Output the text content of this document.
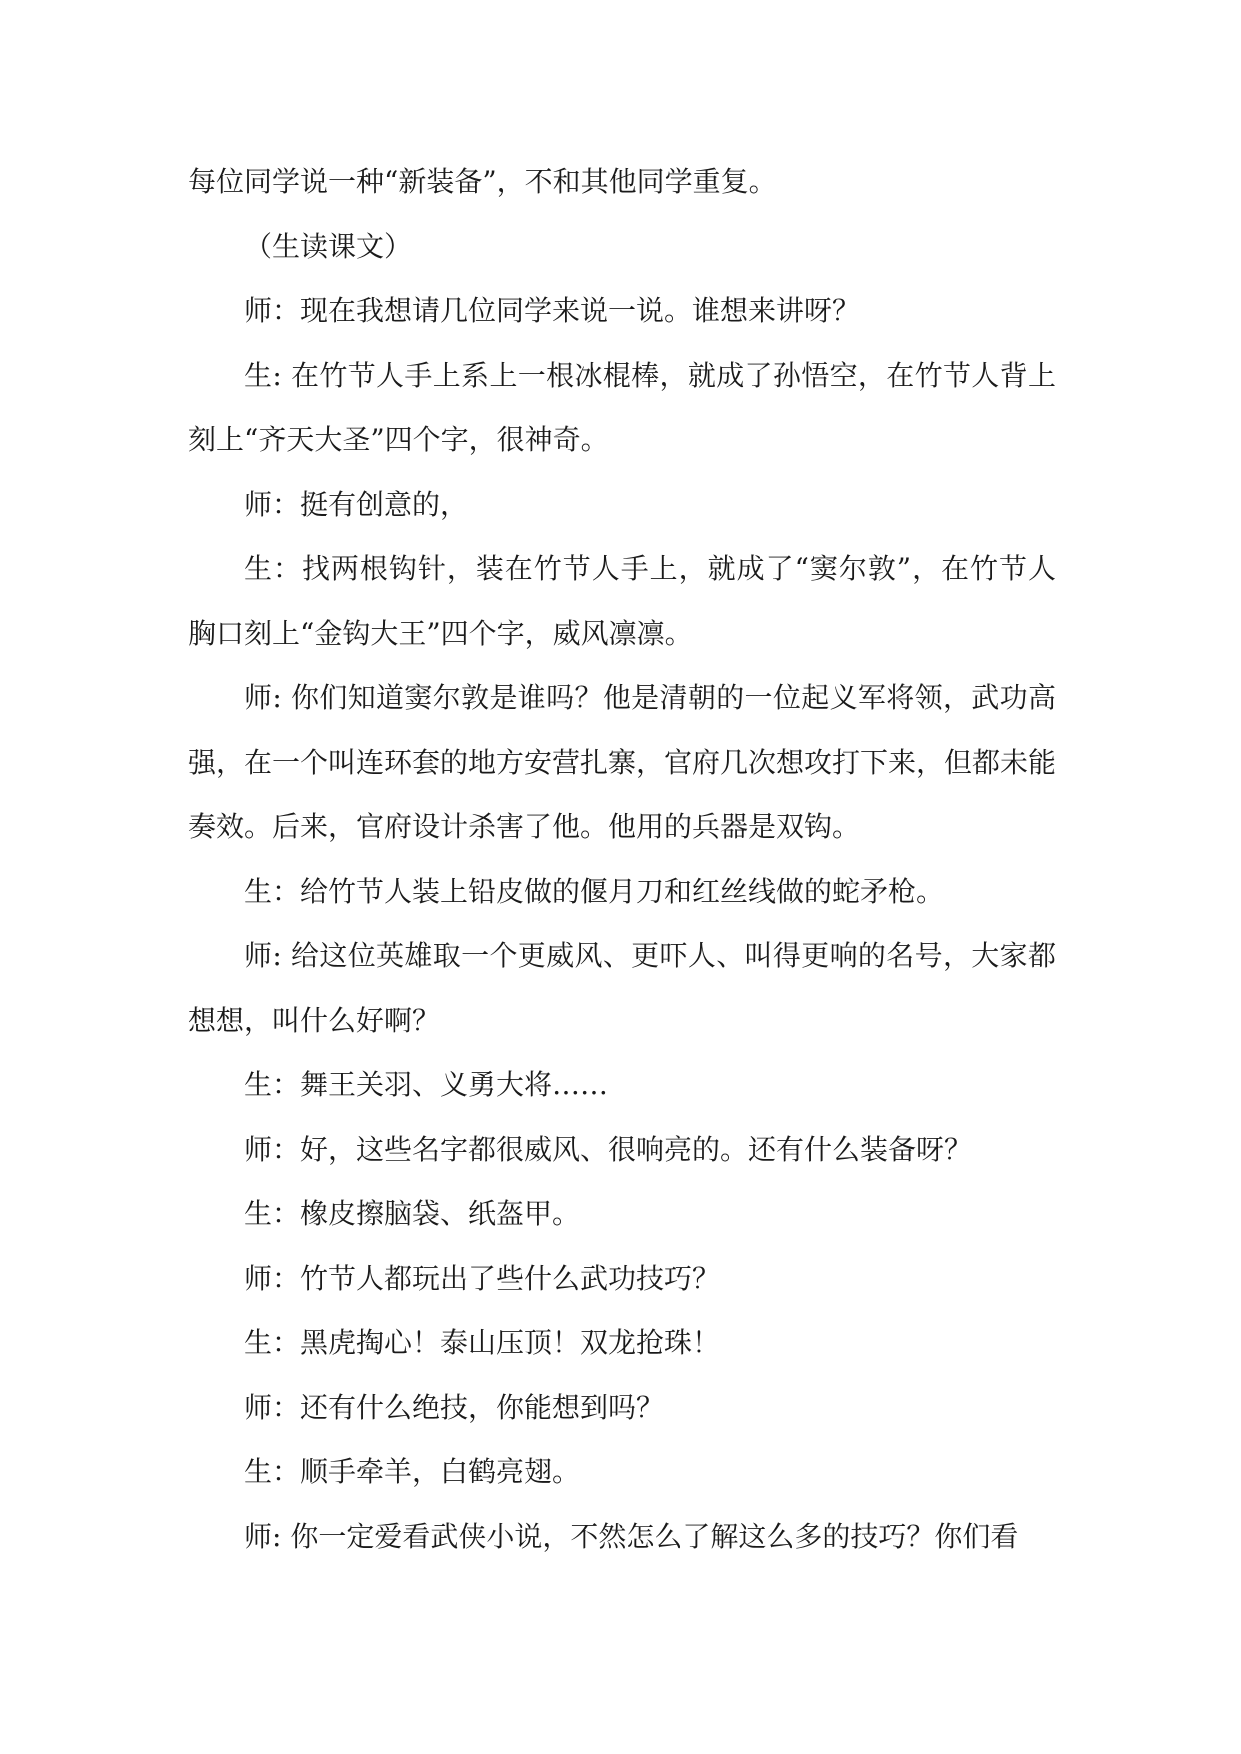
每位同学说一种“新装备”，不和其他同学重复。

（生读课文）

师：现在我想请几位同学来说一说。谁想来讲呀？

生: 在竹节人手上系上一根冰棍棒，就成了孙悟空，在竹节人背上刻上“齐天大圣”四个字，很神奇。

师：挺有创意的，

生：找两根钩针，装在竹节人手上，就成了“窦尔敦”，在竹节人胸口刻上“金钩大王”四个字，威风凛凛。

师: 你们知道窦尔敦是谁吗？他是清朝的一位起义军将领，武功高强，在一个叫连环套的地方安营扎寨，官府几次想攻打下来，但都未能奏效。后来，官府设计杀害了他。他用的兵器是双钩。

生：给竹节人装上铅皮做的偃月刀和红丝线做的蛇矛枪。

师: 给这位英雄取一个更威风、更吓人、叫得更响的名号，大家都想想，叫什么好啊？

生：舞王关羽、义勇大将……

师：好，这些名字都很威风、很响亮的。还有什么装备呀？

生：橡皮擦脑袋、纸盔甲。

师：竹节人都玩出了些什么武功技巧？

生：黑虎掏心！泰山压顶！双龙抢珠！

师：还有什么绝技，你能想到吗？

生：顺手牵羊，白鹤亮翅。

师: 你一定爱看武侠小说，不然怎么了解这么多的技巧？你们看
